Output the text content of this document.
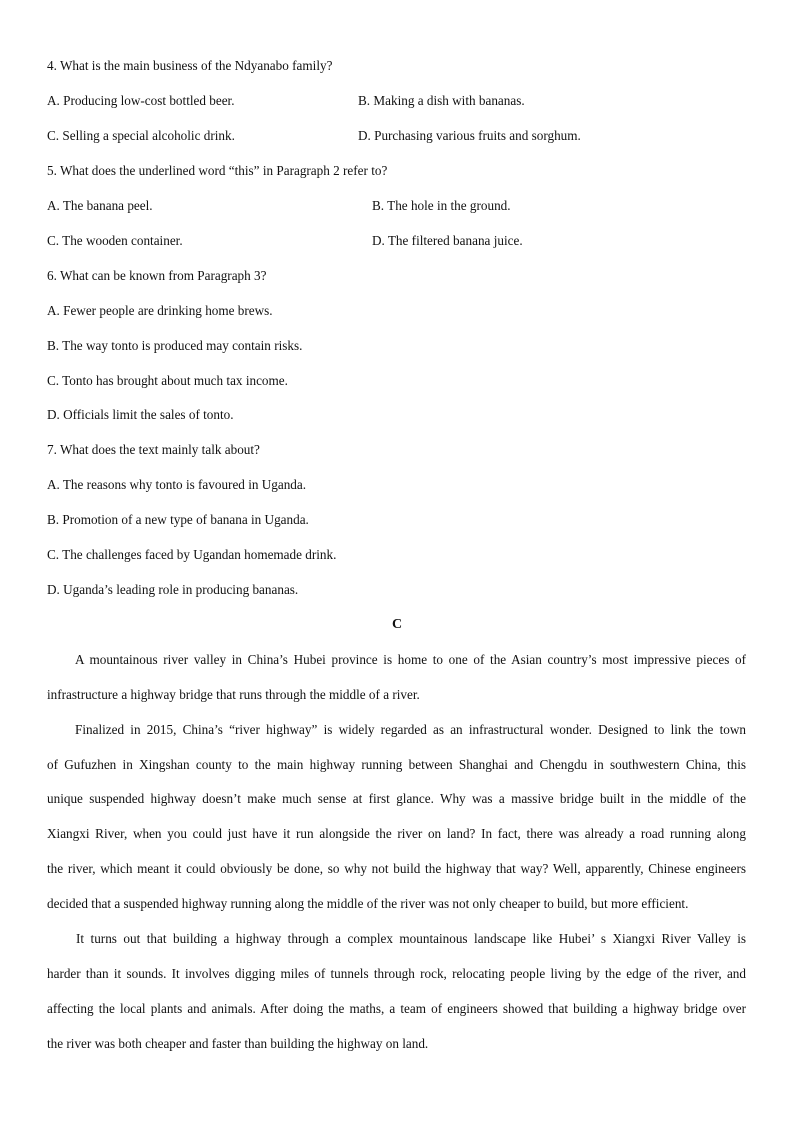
4. What is the main business of the Ndyanabo family?
A. Producing low-cost bottled beer.	B. Making a dish with bananas.
C. Selling a special alcoholic drink.	D. Purchasing various fruits and sorghum.
5. What does the underlined word “this” in Paragraph 2 refer to?
A. The banana peel.	B. The hole in the ground.
C. The wooden container.	D. The filtered banana juice.
6. What can be known from Paragraph 3?
A. Fewer people are drinking home brews.
B. The way tonto is produced may contain risks.
C. Tonto has brought about much tax income.
D. Officials limit the sales of tonto.
7. What does the text mainly talk about?
A. The reasons why tonto is favoured in Uganda.
B. Promotion of a new type of banana in Uganda.
C. The challenges faced by Ugandan homemade drink.
D. Uganda’s leading role in producing bananas.
C
A mountainous river valley in China’s Hubei province is home to one of the Asian country’s most impressive pieces of
infrastructure a highway bridge that runs through the middle of a river.
Finalized in 2015, China’s “river highway” is widely regarded as an infrastructural wonder. Designed to link the town
of Gufuzhen in Xingshan county to the main highway running between Shanghai and Chengdu in southwestern China, this
unique suspended highway doesn’t make much sense at first glance. Why was a massive bridge built in the middle of the
Xiangxi River, when you could just have it run alongside the river on land? In fact, there was already a road running along
the river, which meant it could obviously be done, so why not build the highway that way? Well, apparently, Chinese engineers
decided that a suspended highway running along the middle of the river was not only cheaper to build, but more efficient.
It turns out that building a highway through a complex mountainous landscape like Hubei’ s Xiangxi River Valley is
harder than it sounds. It involves digging miles of tunnels through rock, relocating people living by the edge of the river, and
affecting the local plants and animals. After doing the maths, a team of engineers showed that building a highway bridge over
the river was both cheaper and faster than building the highway on land.
